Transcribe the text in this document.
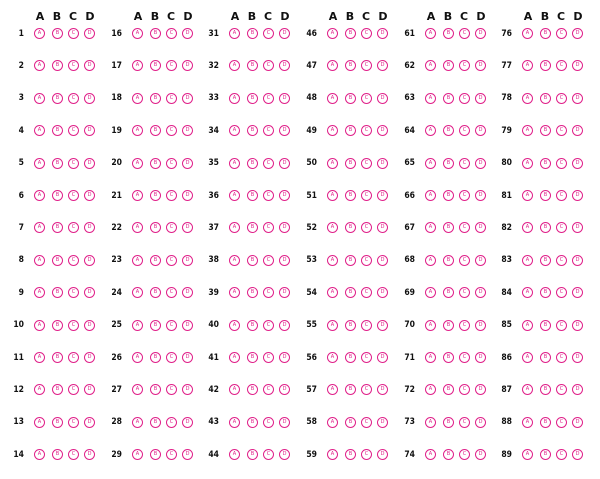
A B C D
1	A	B	C	D
2	A	B	C	D
3	A	B	C	D
4	A	B	C	D
5	A	B	C	D
6	A	B	C	D
7	A	B	C	D
8	A	B	C	D
9	A	B	C	D
10	A	B	C	D
11	A	B	C	D
12	A	B	C	D
13	A	B	C	D
14	A	B	C	D
A B C D
16	A	B	C	D
17	A	B	C	D
18	A	B	C	D
19	A	B	C	D
20	A	B	C	D
21	A	B	C	D
22	A	B	C	D
23	A	B	C	D
24	A	B	C	D
25	A	B	C	D
26	A	B	C	D
27	A	B	C	D
28	A	B	C	D
29	A	B	C	D
A B C D
31	A	B	C	D
32	A	B	C	D
33	A	B	C	D
34	A	B	C	D
35	A	B	C	D
36	A	B	C	D
37	A	B	C	D
38	A	B	C	D
39	A	B	C	D
40	A	B	C	D
41	A	B	C	D
42	A	B	C	D
43	A	B	C	D
44	A	B	C	D
A B C D
46	A	B	C	D
47	A	B	C	D
48	A	B	C	D
49	A	B	C	D
50	A	B	C	D
51	A	B	C	D
52	A	B	C	D
53	A	B	C	D
54	A	B	C	D
55	A	B	C	D
56	A	B	C	D
57	A	B	C	D
58	A	B	C	D
59	A	B	C	D
A B C D
61	A	B	C	D
62	A	B	C	D
63	A	B	C	D
64	A	B	C	D
65	A	B	C	D
66	A	B	C	D
67	A	B	C	D
68	A	B	C	D
69	A	B	C	D
70	A	B	C	D
71	A	B	C	D
72	A	B	C	D
73	A	B	C	D
74	A	B	C	D
A B C D
76	A	B	C	D
77	A	B	C	D
78	A	B	C	D
79	A	B	C	D
80	A	B	C	D
81	A	B	C	D
82	A	B	C	D
83	A	B	C	D
84	A	B	C	D
85	A	B	C	D
86	A	B	C	D
87	A	B	C	D
88	A	B	C	D
89	A	B	C	D
